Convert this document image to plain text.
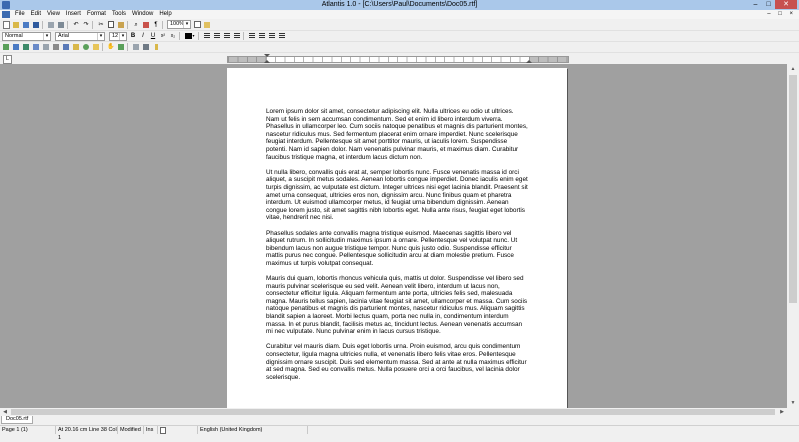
Atlantis 1.0 - [C:\Users\Paul\Documents\Doc05.rtf]	–	□	✕
File	Edit	View	Insert	Format	Tools	Window	Help	– □ ×
↶ ↷ ✂	⌕	¶	100% ▾
Normal	▾	Arial	▾	12 ▾	B	I	U	x²	x₂	▾
✋
L

Lorem ipsum dolor sit amet, consectetur adipiscing elit. Nulla ultrices eu odio ut ultrices. Nam ut felis in sem accumsan condimentum. Sed et enim id libero interdum viverra. Phasellus in ullamcorper leo. Cum sociis natoque penatibus et magnis dis parturient montes, nascetur ridiculus mus. Sed fermentum placerat enim ornare imperdiet. Nunc scelerisque feugiat interdum. Pellentesque sit amet porttitor mauris, ut iaculis lorem. Suspendisse potenti. Nam id sapien dolor. Nam venenatis pulvinar mauris, et maximus diam. Curabitur faucibus tristique magna, et interdum lacus dictum non.

Ut nulla libero, convallis quis erat at, semper lobortis nunc. Fusce venenatis massa id orci aliquet, a suscipit metus sodales. Aenean lobortis congue imperdiet. Donec iaculis enim eget turpis dignissim, ac vulputate est dictum. Integer ultrices nisi eget lacinia blandit. Praesent sit amet urna consequat, ultricies eros non, dignissim arcu. Nunc finibus quam et pharetra interdum. Ut euismod ullamcorper metus, id feugiat urna bibendum dignissim. Aenean congue lorem justo, sit amet sagittis nibh lobortis eget. Nulla ante risus, feugiat eget lobortis vitae, hendrerit nec nisi.

Phasellus sodales ante convallis magna tristique euismod. Maecenas sagittis libero vel aliquet rutrum. In sollicitudin maximus ipsum a ornare. Pellentesque vel volutpat nunc. Ut bibendum lacus non augue tristique tempor. Nunc quis justo odio. Suspendisse efficitur mattis purus nec congue. Pellentesque sollicitudin arcu at diam molestie pretium. Fusce maximus ut turpis volutpat consequat.

Mauris dui quam, lobortis rhoncus vehicula quis, mattis ut dolor. Suspendisse vel libero sed mauris pulvinar scelerisque eu sed velit. Aenean velit libero, interdum ut lacus non, consectetur efficitur ligula. Aliquam fermentum ante porta, ultricies felis sed, malesuada magna. Mauris tellus sapien, lacinia vitae feugiat sit amet, ullamcorper et massa. Cum sociis natoque penatibus et magnis dis parturient montes, nascetur ridiculus mus. Aliquam sagittis blandit sapien a laoreet. Morbi lectus quam, porta nec nulla in, condimentum interdum massa. In et purus blandit, facilisis metus ac, tincidunt lectus. Aenean venenatis accumsan mi nec vulputate. Nunc pulvinar enim in lacus cursus tristique.

Curabitur vel mauris diam. Duis eget lobortis urna. Proin euismod, arcu quis condimentum consectetur, ligula magna ultricies nulla, et venenatis libero felis vitae eros. Pellentesque dignissim ornare suscipit. Duis sed elementum massa. Sed at ante at nulla maximus efficitur at sed magna. Sed eu convallis metus. Nulla posuere orci a orci faucibus, vel lacinia dolor scelerisque.

▲
▼
◀	▶
Doc05.rtf
Page 1 (1)	At 20.16 cm Line 38 Col 1
Modified Ins	English (United Kingdom)
